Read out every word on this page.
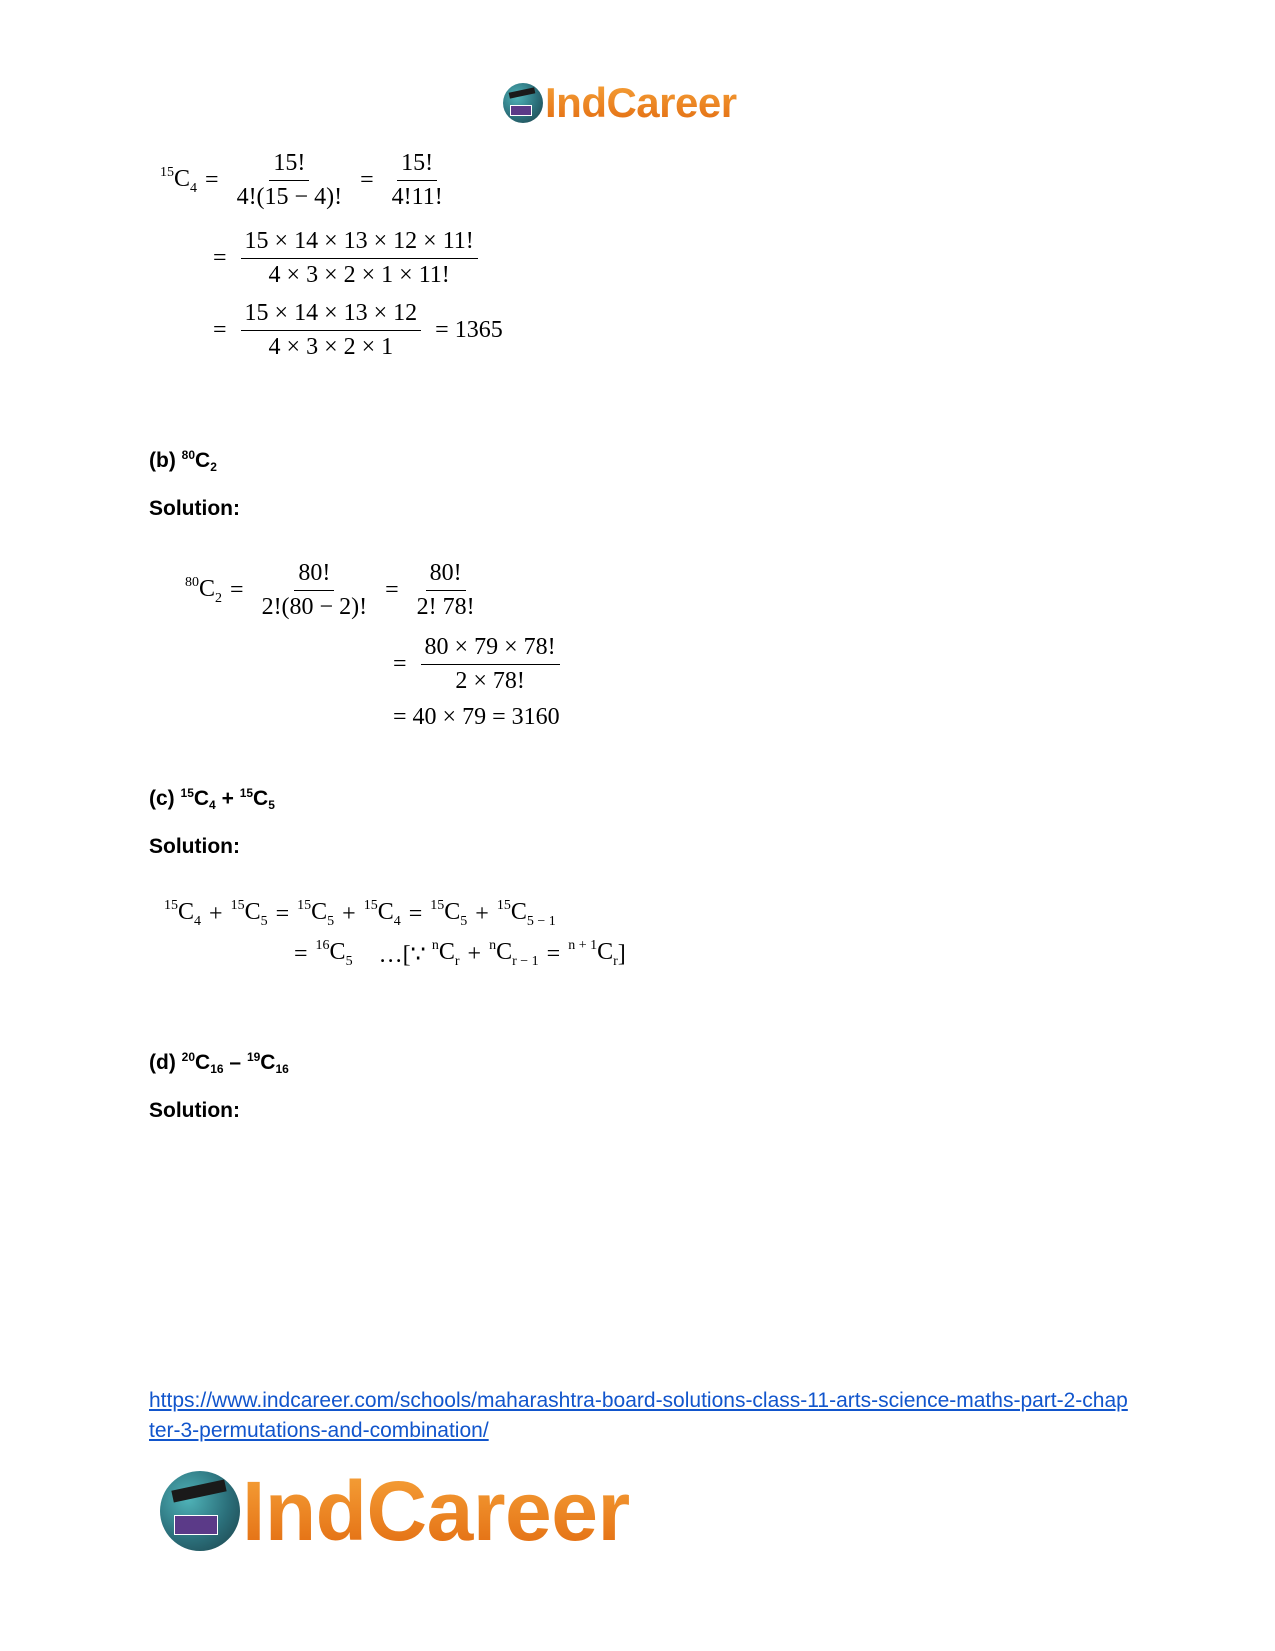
IndCareer
$^{15}C_4 = \frac{15!}{4!(15 - 4)!} = \frac{15!}{4!11!}$
= $\frac{15 \times 14 \times 13 \times 12 \times 11!}{4 \times 3 \times 2 \times 1 \times 11!}$
= $\frac{15 \times 14 \times 13 \times 12}{4 \times 3 \times 2 \times 1} = 1365$
(b) $^{80}C_2$
Solution:
$^{80}C_2 = \frac{80!}{2!(80 - 2)!} = \frac{80!}{2! 78!}$
= $\frac{80 \times 79 \times 78!}{2 \times 78!}$
= 40 × 79 = 3160
(c) $^{15}C_4 + ^{15}C_5$
Solution:
$^{15}C_4 + ^{15}C_5 = ^{15}C_5 + ^{15}C_4 = ^{15}C_5 + ^{15}C_{5 - 1}$
= $^{16}C_5$ …[∵ $^nC_r + ^nC_{r - 1} = ^{n + 1}C_r$ ]
(d) $^{20}C_{16} - ^{19}C_{16}$
Solution:
https://www.indcareer.com/schools/maharashtra-board-solutions-class-11-arts-science-maths-part-2-chapter-3-permutations-and-combination/
IndCareer
